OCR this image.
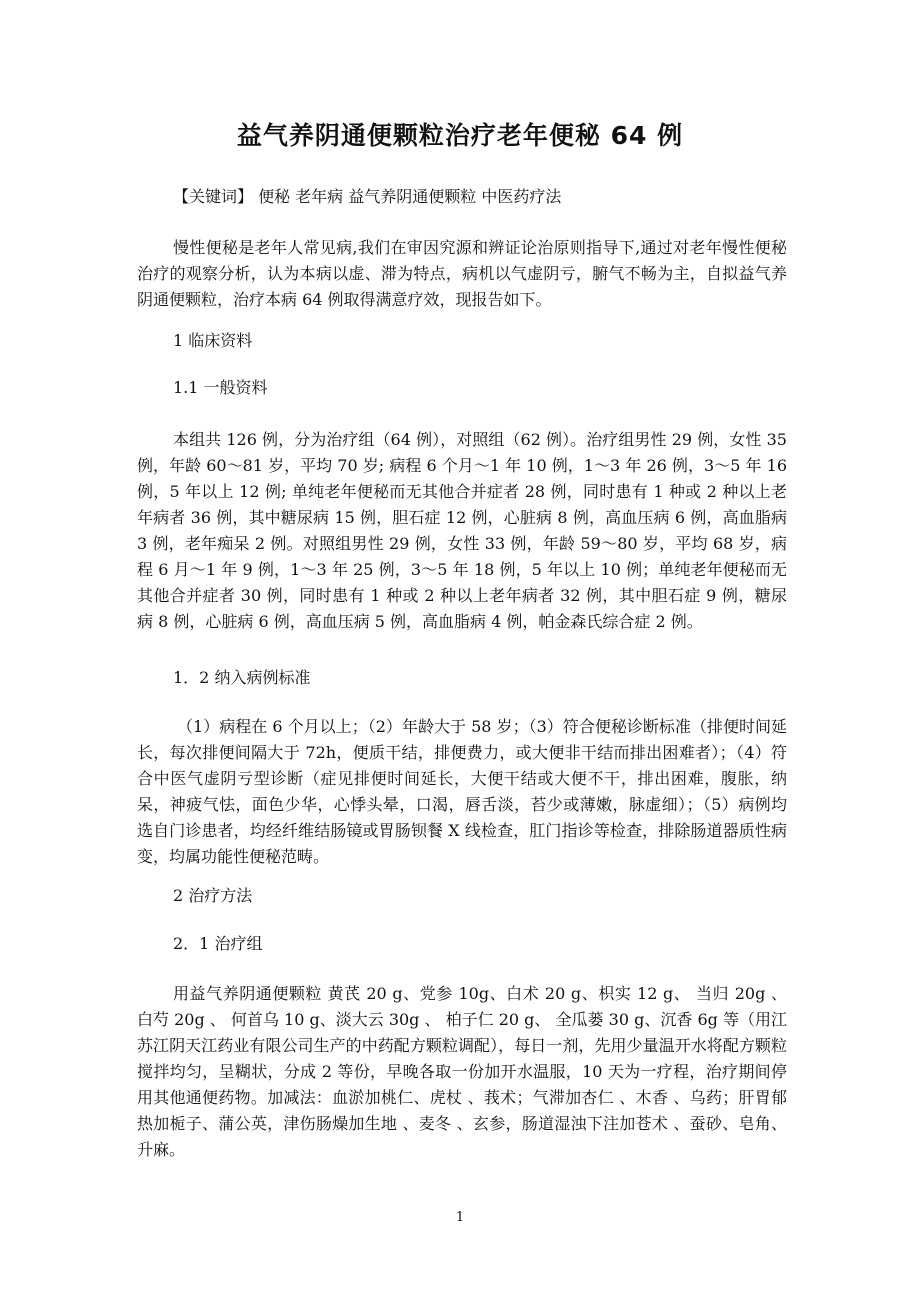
益气养阴通便颗粒治疗老年便秘 64 例

【关键词】 便秘 老年病 益气养阴通便颗粒 中医药疗法

慢性便秘是老年人常见病,我们在审因究源和辨证论治原则指导下,通过对老年慢性便秘治疗的观察分析，认为本病以虚、滞为特点，病机以气虚阴亏，腑气不畅为主，自拟益气养阴通便颗粒，治疗本病 64 例取得满意疗效，现报告如下。

1 临床资料

1.1 一般资料

本组共 126 例，分为治疗组（64 例），对照组（62 例）。治疗组男性 29 例，女性 35 例，年龄 60～81 岁，平均 70 岁; 病程 6 个月～1 年 10 例，1～3 年 26 例，3～5 年 16 例，5 年以上 12 例; 单纯老年便秘而无其他合并症者 28 例，同时患有 1 种或 2 种以上老年病者 36 例，其中糖尿病 15 例，胆石症 12 例，心脏病 8 例，高血压病 6 例，高血脂病 3 例，老年痴呆 2 例。对照组男性 29 例，女性 33 例，年龄 59～80 岁，平均 68 岁，病程 6 月～1 年 9 例，1～3 年 25 例，3～5 年 18 例，5 年以上 10 例；单纯老年便秘而无其他合并症者 30 例，同时患有 1 种或 2 种以上老年病者 32 例，其中胆石症 9 例，糖尿病 8 例，心脏病 6 例，高血压病 5 例，高血脂病 4 例，帕金森氏综合症 2 例。

1．2 纳入病例标准

（1）病程在 6 个月以上；（2）年龄大于 58 岁；（3）符合便秘诊断标准（排便时间延长，每次排便间隔大于 72h，便质干结，排便费力，或大便非干结而排出困难者）；（4）符合中医气虚阴亏型诊断（症见排便时间延长，大便干结或大便不干，排出困难，腹胀，纳呆，神疲气怯，面色少华，心悸头晕，口渴，唇舌淡，苔少或薄嫩，脉虚细）；（5）病例均选自门诊患者，均经纤维结肠镜或胃肠钡餐 X 线检查，肛门指诊等检查，排除肠道器质性病变，均属功能性便秘范畴。

2 治疗方法

2．1 治疗组

用益气养阴通便颗粒 黄芪 20 g、党参 10g、白术 20 g、枳实 12 g、 当归 20g 、 白芍 20g 、 何首乌 10 g、淡大云 30g 、 柏子仁 20 g、 全瓜蒌 30 g、沉香 6g 等（用江苏江阴天江药业有限公司生产的中药配方颗粒调配），每日一剂，先用少量温开水将配方颗粒搅拌均匀，呈糊状，分成 2 等份，早晚各取一份加开水温服，10 天为一疗程，治疗期间停用其他通便药物。加减法：血淤加桃仁、虎杖 、莪术；气滞加杏仁 、木香 、乌药；肝胃郁热加栀子、蒲公英，津伤肠燥加生地 、麦冬 、玄参，肠道湿浊下注加苍术 、蚕砂、皂角、升麻。

1
